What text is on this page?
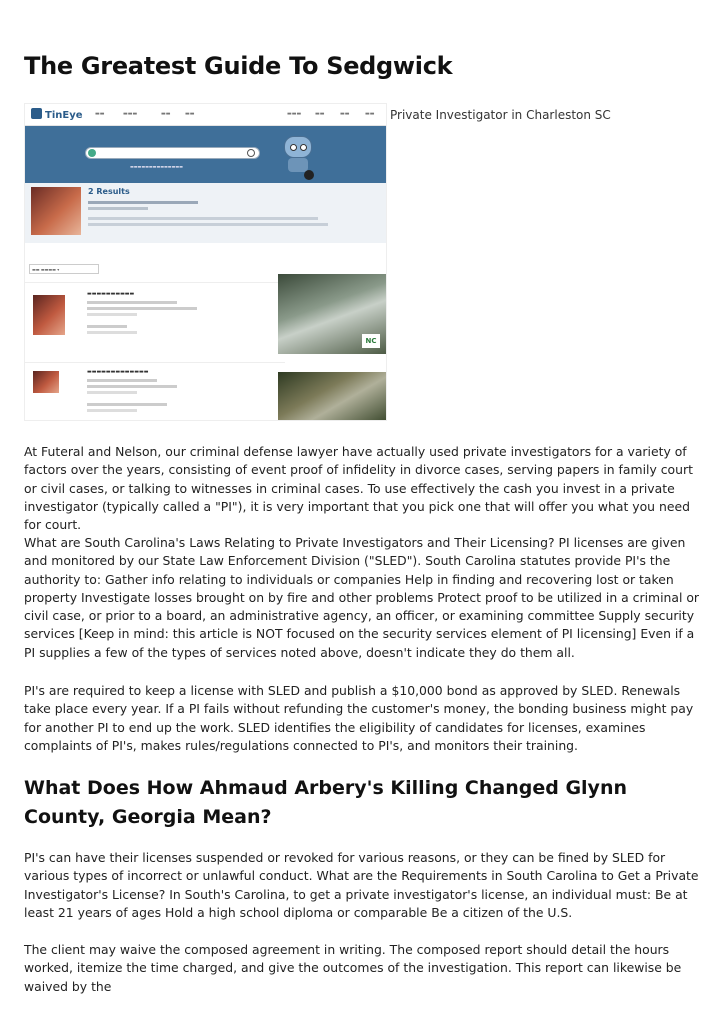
The Greatest Guide To Sedgwick
TinEye	▬▬	▬▬▬	▬▬	▬▬	▬▬▬	▬▬	▬▬	▬▬
▬▬▬▬▬▬▬▬▬▬▬▬▬▬
2 Results
▬▬ ▬▬▬▬ ▾
▬▬▬▬▬▬▬▬▬▬
▬▬▬▬▬▬▬▬▬▬▬▬▬
NC
Private Investigator in Charleston SC

At Futeral and Nelson, our criminal defense lawyer have actually used private investigators for a variety of factors over the years, consisting of event proof of infidelity in divorce cases, serving papers in family court or civil cases, or talking to witnesses in criminal cases. To use effectively the cash you invest in a private investigator (typically called a "PI"), it is very important that you pick one that will offer you what you need for court.

What are South Carolina's Laws Relating to Private Investigators and Their Licensing? PI licenses are given and monitored by our State Law Enforcement Division ("SLED"). South Carolina statutes provide PI's the authority to: Gather info relating to individuals or companies Help in finding and recovering lost or taken property Investigate losses brought on by fire and other problems Protect proof to be utilized in a criminal or civil case, or prior to a board, an administrative agency, an officer, or examining committee Supply security services [Keep in mind: this article is NOT focused on the security services element of PI licensing] Even if a PI supplies a few of the types of services noted above, doesn't indicate they do them all.

PI's are required to keep a license with SLED and publish a $10,000 bond as approved by SLED. Renewals take place every year. If a PI fails without refunding the customer's money, the bonding business might pay for another PI to end up the work. SLED identifies the eligibility of candidates for licenses, examines complaints of PI's, makes rules/regulations connected to PI's, and monitors their training.

What Does How Ahmaud Arbery's Killing Changed Glynn County, Georgia Mean?

PI's can have their licenses suspended or revoked for various reasons, or they can be fined by SLED for various types of incorrect or unlawful conduct. What are the Requirements in South Carolina to Get a Private Investigator's License? In South's Carolina, to get a private investigator's license, an individual must: Be at least 21 years of ages Hold a high school diploma or comparable Be a citizen of the U.S.

The client may waive the composed agreement in writing. The composed report should detail the hours worked, itemize the time charged, and give the outcomes of the investigation. This report can likewise be waived by the
